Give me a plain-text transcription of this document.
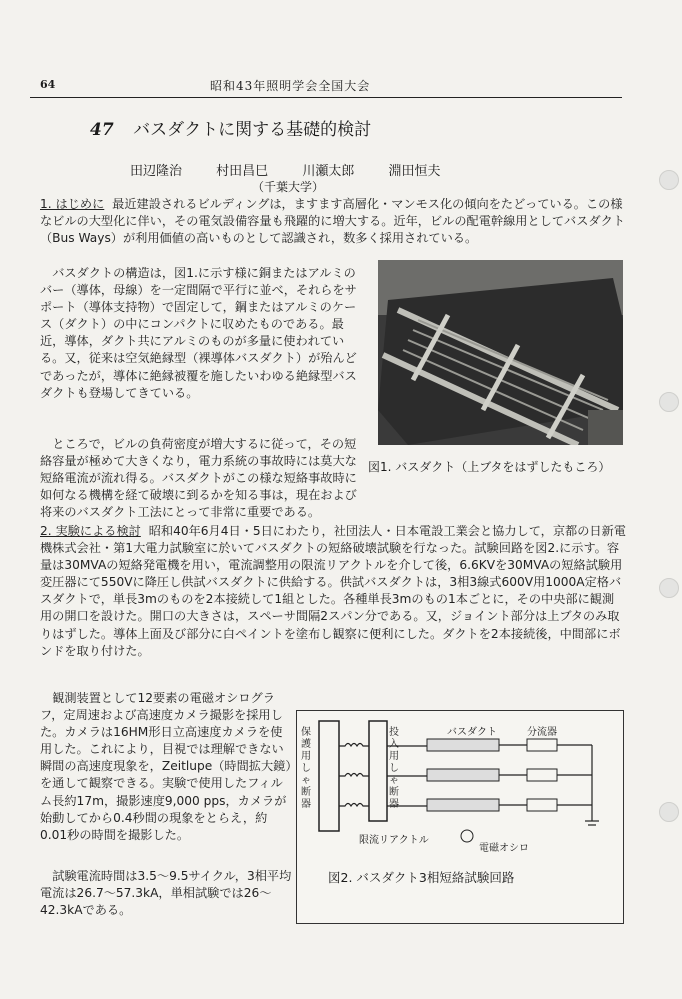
64	昭和43年照明学会全国大会
47 バスダクトに関する基礎的検討
田辺隆治	村田昌巳	川瀬太郎	淵田恒夫
（千葉大学）
1. はじめに 最近建設されるビルディングは，ますます高層化・マンモス化の傾向をたどっている。この様なビルの大型化に伴い，その電気設備容量も飛躍的に増大する。近年，ビルの配電幹線用としてバスダクト（Bus Ways）が利用価値の高いものとして認識され，数多く採用されている。
バスダクトの構造は，図1.に示す様に銅またはアルミのバー（導体，母線）を一定間隔で平行に並べ，それらをサポート（導体支持物）で固定して，鋼またはアルミのケース（ダクト）の中にコンパクトに収めたものである。最近，導体，ダクト共にアルミのものが多量に使われている。又，従来は空気絶縁型（裸導体バスダクト）が殆んどであったが，導体に絶縁被覆を施したいわゆる絶縁型バスダクトも登場してきている。
図1. バスダクト（上ブタをはずしたもころ）
ところで，ビルの負荷密度が増大するに従って，その短絡容量が極めて大きくなり，電力系統の事故時には莫大な短絡電流が流れ得る。バスダクトがこの様な短絡事故時に如何なる機構を経て破壊に到るかを知る事は，現在および将来のバスダクト工法にとって非常に重要である。
2. 実験による検討 昭和40年6月4日・5日にわたり，社団法人・日本電設工業会と協力して，京都の日新電機株式会社・第1大電力試験室に於いてバスダクトの短絡破壊試験を行なった。試験回路を図2.に示す。容量は30MVAの短絡発電機を用い，電流調整用の限流リアクトルを介して後，6.6KVを30MVAの短絡試験用変圧器にて550Vに降圧し供試バスダクトに供給する。供試バスダクトは，3相3線式600V用1000A定格バスダクトで，単長3mのものを2本接続して1組とした。各種単長3mのもの1本ごとに，その中央部に観測用の開口を設けた。開口の大きさは，スペーサ間隔2スパン分である。又，ジョイント部分は上ブタのみ取りはずした。導体上面及び部分に白ペイントを塗布し観察に便利にした。ダクトを2本接続後，中間部にボンドを取り付けた。
観測装置として12要素の電磁オシログラフ，定周速および高速度カメラ撮影を採用した。カメラは16HM形日立高速度カメラを使用した。これにより，目視では理解できない瞬間の高速度現象を，Zeitlupe（時間拡大鏡）を通して観察できる。実験で使用したフィルム長約17m，撮影速度9,000 pps，カメラが始動してから0.4秒間の現象をとらえ，約0.01秒の時間を撮影した。
試験電流時間は3.5〜9.5サイクル，3相平均電流は26.7〜57.3kA，単相試験では26〜42.3kAである。
保護用しゃ断器
投入用しゃ断器
限流リアクトル
バスダクト	分流器
電磁オシロ
図2. バスダクト3相短絡試験回路
